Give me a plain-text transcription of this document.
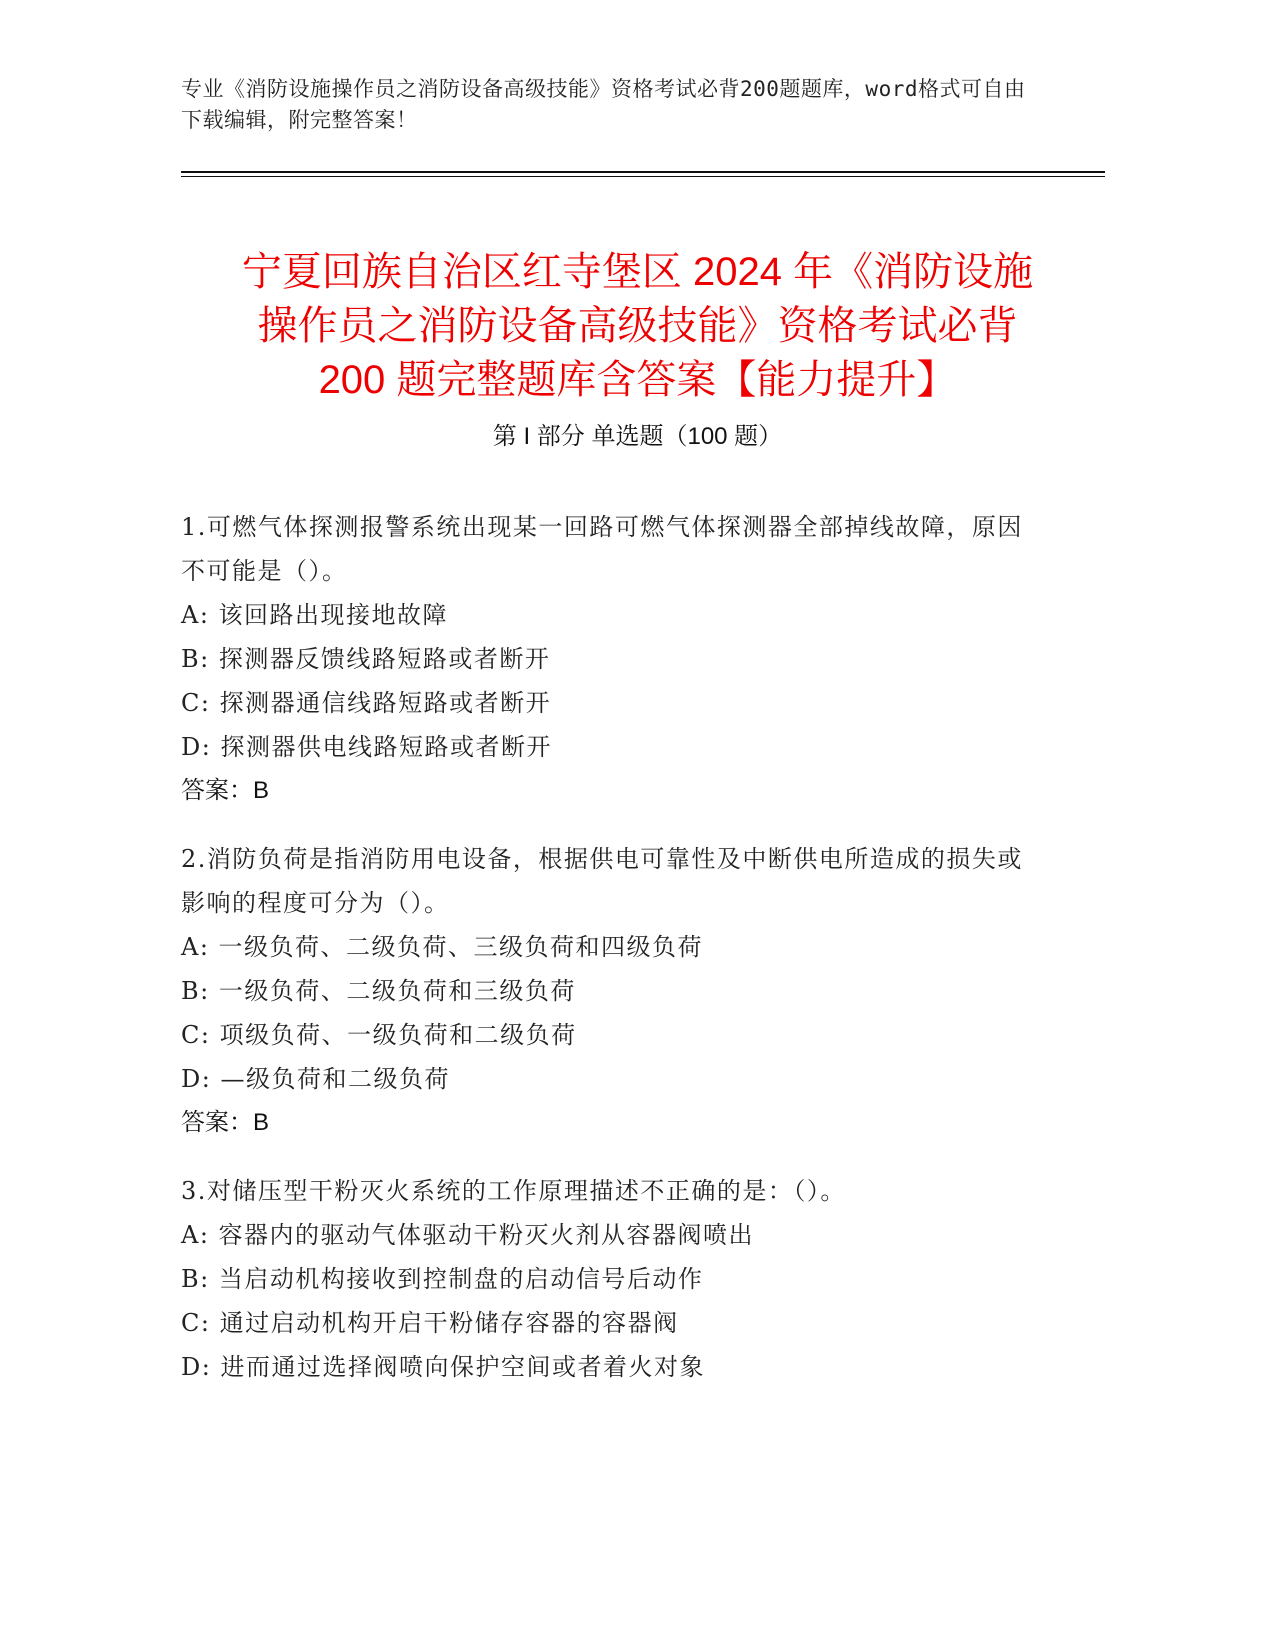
专业《消防设施操作员之消防设备高级技能》资格考试必背200题题库，word格式可自由下载编辑，附完整答案！
宁夏回族自治区红寺堡区 2024 年《消防设施
操作员之消防设备高级技能》资格考试必背
200 题完整题库含答案【能力提升】
第 I 部分 单选题（100 题）
1.可燃气体探测报警系统出现某一回路可燃气体探测器全部掉线故障，原因不可能是（）。
A: 该回路出现接地故障
B: 探测器反馈线路短路或者断开
C: 探测器通信线路短路或者断开
D: 探测器供电线路短路或者断开
答案：B
2.消防负荷是指消防用电设备，根据供电可靠性及中断供电所造成的损失或影响的程度可分为（）。
A: 一级负荷、二级负荷、三级负荷和四级负荷
B: 一级负荷、二级负荷和三级负荷
C: 项级负荷、一级负荷和二级负荷
D: —级负荷和二级负荷
答案：B
3.对储压型干粉灭火系统的工作原理描述不正确的是：（）。
A: 容器内的驱动气体驱动干粉灭火剂从容器阀喷出
B: 当启动机构接收到控制盘的启动信号后动作
C: 通过启动机构开启干粉储存容器的容器阀
D: 进而通过选择阀喷向保护空间或者着火对象
